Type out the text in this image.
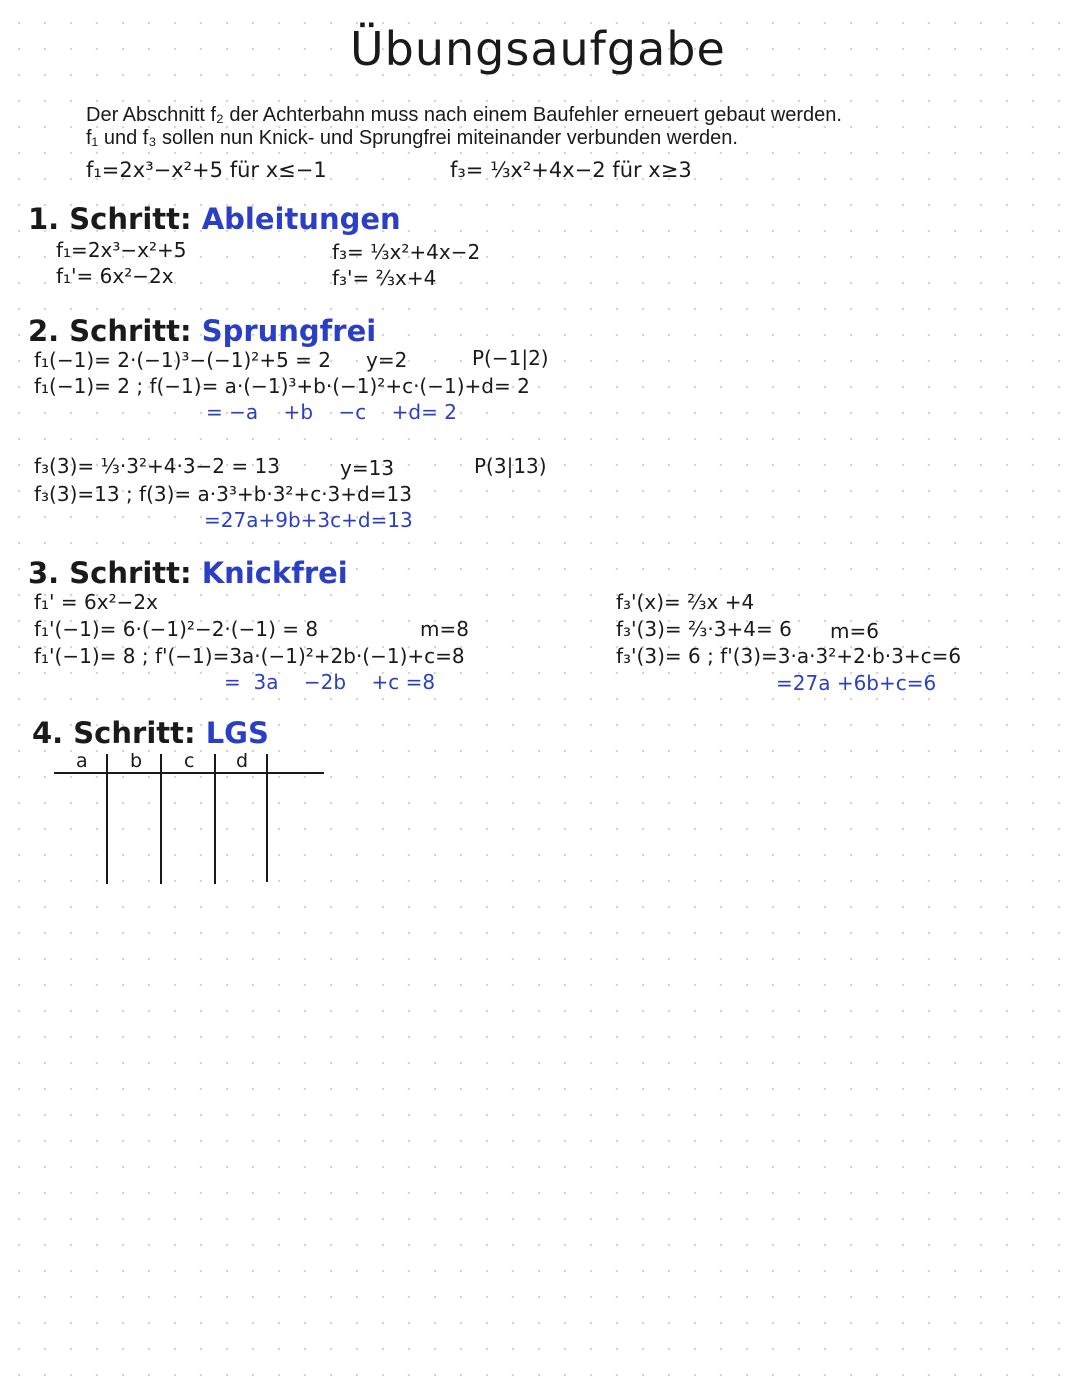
Übungsaufgabe
Der Abschnitt f₂ der Achterbahn muss nach einem Baufehler erneuert gebaut werden.
f₁ und f₃ sollen nun Knick- und Sprungfrei miteinander verbunden werden.
f₁=2x³−x²+5 für x≤−1	f₃= ⅓x²+4x−2 für x≥3
1. Schritt: Ableitungen
f₁=2x³−x²+5
f₁'= 6x²−2x
f₃= ⅓x²+4x−2
f₃'= ⅔x+4
2. Schritt: Sprungfrei
f₁(−1)= 2·(−1)³−(−1)²+5 = 2 y=2	P(−1|2)
f₁(−1)= 2 ; f(−1)= a·(−1)³+b·(−1)²+c·(−1)+d= 2
= −a    +b    −c    +d= 2
f₃(3)= ⅓·3²+4·3−2 = 13	y=13	P(3|13)
f₃(3)=13 ; f(3)= a·3³+b·3²+c·3+d=13
=27a+9b+3c+d=13
3. Schritt: Knickfrei
f₁' = 6x²−2x
f₁'(−1)= 6·(−1)²−2·(−1) = 8	m=8
f₁'(−1)= 8 ; f'(−1)=3a·(−1)²+2b·(−1)+c=8
=  3a    −2b    +c =8
f₃'(x)= ⅔x +4
f₃'(3)= ⅔·3+4= 6 m=6
f₃'(3)= 6 ; f'(3)=3·a·3²+2·b·3+c=6
=27a +6b+c=6
4. Schritt: LGS
a b c d
